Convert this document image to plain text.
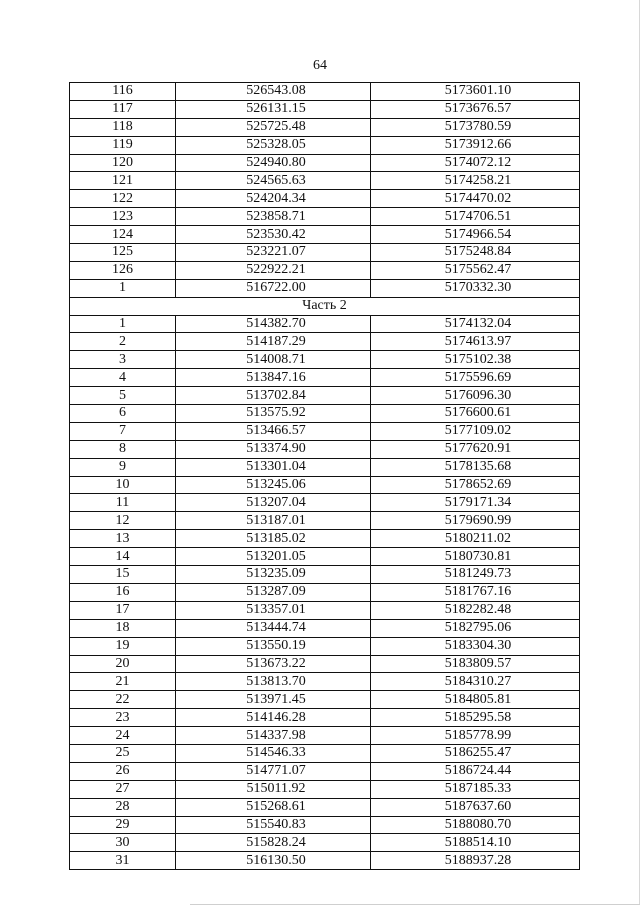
64
116	526543.08	5173601.10
117	526131.15	5173676.57
118	525725.48	5173780.59
119	525328.05	5173912.66
120	524940.80	5174072.12
121	524565.63	5174258.21
122	524204.34	5174470.02
123	523858.71	5174706.51
124	523530.42	5174966.54
125	523221.07	5175248.84
126	522922.21	5175562.47
1	516722.00	5170332.30
Часть 2		
1	514382.70	5174132.04
2	514187.29	5174613.97
3	514008.71	5175102.38
4	513847.16	5175596.69
5	513702.84	5176096.30
6	513575.92	5176600.61
7	513466.57	5177109.02
8	513374.90	5177620.91
9	513301.04	5178135.68
10	513245.06	5178652.69
11	513207.04	5179171.34
12	513187.01	5179690.99
13	513185.02	5180211.02
14	513201.05	5180730.81
15	513235.09	5181249.73
16	513287.09	5181767.16
17	513357.01	5182282.48
18	513444.74	5182795.06
19	513550.19	5183304.30
20	513673.22	5183809.57
21	513813.70	5184310.27
22	513971.45	5184805.81
23	514146.28	5185295.58
24	514337.98	5185778.99
25	514546.33	5186255.47
26	514771.07	5186724.44
27	515011.92	5187185.33
28	515268.61	5187637.60
29	515540.83	5188080.70
30	515828.24	5188514.10
31	516130.50	5188937.28
